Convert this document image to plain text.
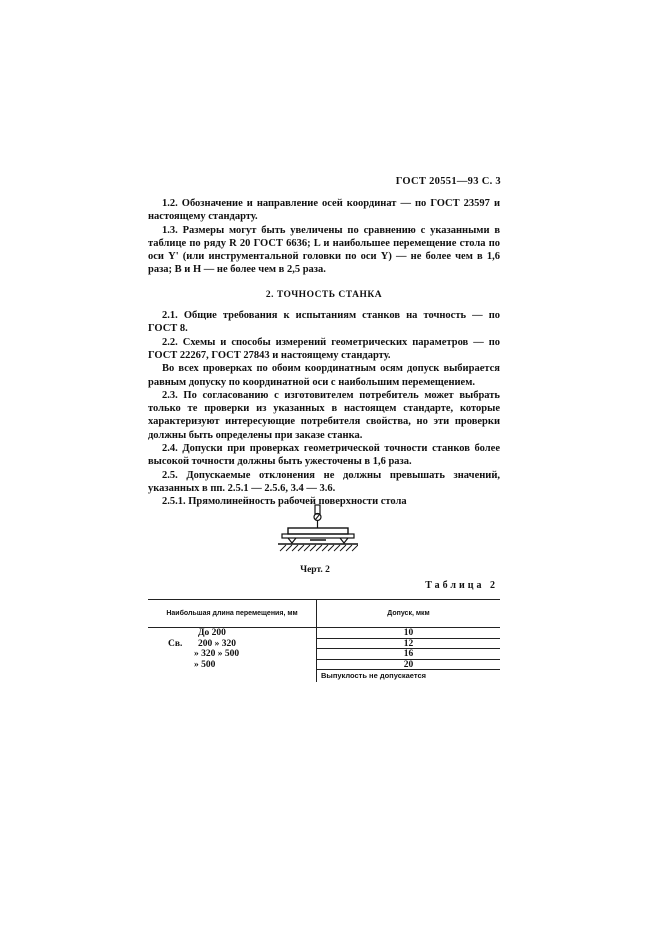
ГОСТ 20551—93 С. 3

1.2. Обозначение и направление осей координат — по ГОСТ 23597 и настоящему стандарту.

1.3. Размеры могут быть увеличены по сравнению с указанными в таблице по ряду R 20 ГОСТ 6636; L и наибольшее перемещение стола по оси Y' (или инструментальной головки по оси Y) — не более чем в 1,6 раза; B и H — не более чем в 2,5 раза.

2. ТОЧНОСТЬ СТАНКА

2.1. Общие требования к испытаниям станков на точность — по ГОСТ 8.

2.2. Схемы и способы измерений геометрических параметров — по ГОСТ 22267, ГОСТ 27843 и настоящему стандарту.

Во всех проверках по обоим координатным осям допуск выбирается равным допуску по координатной оси с наибольшим перемещением.

2.3. По согласованию с изготовителем потребитель может выбрать только те проверки из указанных в настоящем стандарте, которые характеризуют интересующие потребителя свойства, но эти проверки должны быть определены при заказе станка.

2.4. Допуски при проверках геометрической точности станков более высокой точности должны быть ужесточены в 1,6 раза.

2.5. Допускаемые отклонения не должны превышать значений, указанных в пп. 2.5.1 — 2.5.6, 3.4 — 3.6.

2.5.1. Прямолинейность рабочей поверхности стола

Черт. 2
Таблица 2
Наибольшая длина перемещения, мм	Допуск, мкм
До 200	10
Св. 200 » 320	12
» 320 » 500	16
» 500	20
Выпуклость не допускается
